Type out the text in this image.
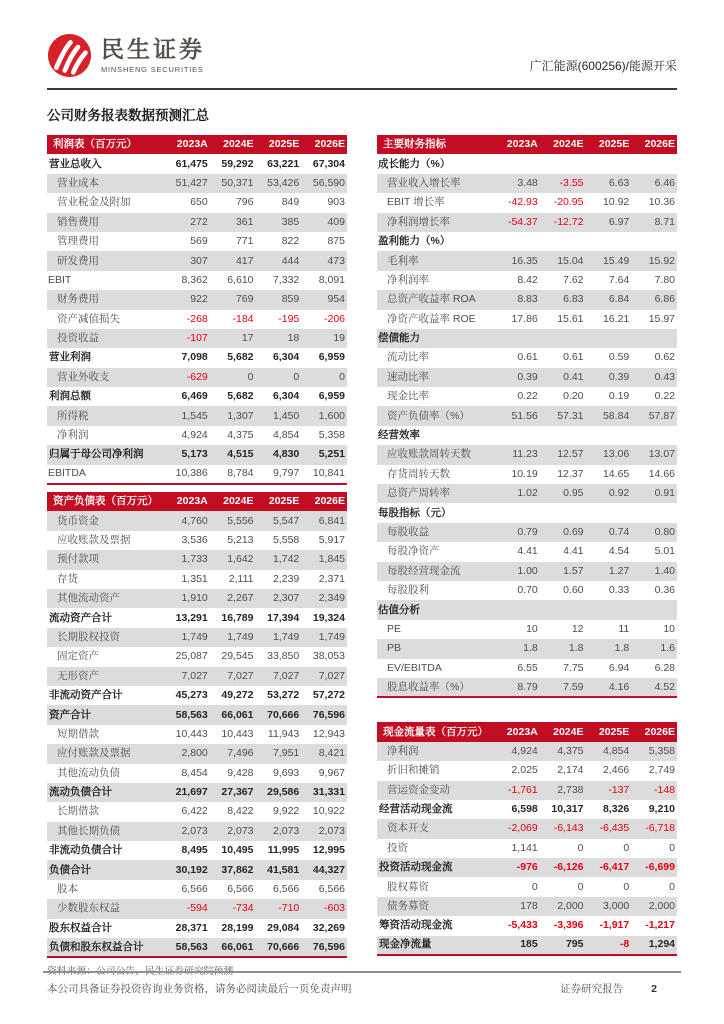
民生证券
MINSHENG SECURITIES	广汇能源(600256)/能源开采
公司财务报表数据预测汇总
利润表（百万元）	2023A	2024E	2025E	2026E
营业总收入	61,475	59,292	63,221	67,304
营业成本	51,427	50,371	53,426	56,590
营业税金及附加	650	796	849	903
销售费用	272	361	385	409
管理费用	569	771	822	875
研发费用	307	417	444	473
EBIT	8,362	6,610	7,332	8,091
财务费用	922	769	859	954
资产减值损失	-268	-184	-195	-206
投资收益	-107	17	18	19
营业利润	7,098	5,682	6,304	6,959
营业外收支	-629	0	0	0
利润总额	6,469	5,682	6,304	6,959
所得税	1,545	1,307	1,450	1,600
净利润	4,924	4,375	4,854	5,358
归属于母公司净利润	5,173	4,515	4,830	5,251
EBITDA	10,386	8,784	9,797	10,841
资产负债表（百万元）	2023A	2024E	2025E	2026E
货币资金	4,760	5,556	5,547	6,841
应收账款及票据	3,536	5,213	5,558	5,917
预付款项	1,733	1,642	1,742	1,845
存货	1,351	2,111	2,239	2,371
其他流动资产	1,910	2,267	2,307	2,349
流动资产合计	13,291	16,789	17,394	19,324
长期股权投资	1,749	1,749	1,749	1,749
固定资产	25,087	29,545	33,850	38,053
无形资产	7,027	7,027	7,027	7,027
非流动资产合计	45,273	49,272	53,272	57,272
资产合计	58,563	66,061	70,666	76,596
短期借款	10,443	10,443	11,943	12,943
应付账款及票据	2,800	7,496	7,951	8,421
其他流动负债	8,454	9,428	9,693	9,967
流动负债合计	21,697	27,367	29,586	31,331
长期借款	6,422	8,422	9,922	10,922
其他长期负债	2,073	2,073	2,073	2,073
非流动负债合计	8,495	10,495	11,995	12,995
负债合计	30,192	37,862	41,581	44,327
股本	6,566	6,566	6,566	6,566
少数股东权益	-594	-734	-710	-603
股东权益合计	28,371	28,199	29,084	32,269
负债和股东权益合计	58,563	66,061	70,666	76,596
资料来源：公司公告、民生证券研究院预测
主要财务指标	2023A	2024E	2025E	2026E
成长能力（%）				
营业收入增长率	3.48	-3.55	6.63	6.46
EBIT 增长率	-42.93	-20.95	10.92	10.36
净利润增长率	-54.37	-12.72	6.97	8.71
盈利能力（%）				
毛利率	16.35	15.04	15.49	15.92
净利润率	8.42	7.62	7.64	7.80
总资产收益率 ROA	8.83	6.83	6.84	6.86
净资产收益率 ROE	17.86	15.61	16.21	15.97
偿债能力				
流动比率	0.61	0.61	0.59	0.62
速动比率	0.39	0.41	0.39	0.43
现金比率	0.22	0.20	0.19	0.22
资产负债率（%）	51.56	57.31	58.84	57.87
经营效率				
应收账款周转天数	11.23	12.57	13.06	13.07
存货周转天数	10.19	12.37	14.65	14.66
总资产周转率	1.02	0.95	0.92	0.91
每股指标（元）				
每股收益	0.79	0.69	0.74	0.80
每股净资产	4.41	4.41	4.54	5.01
每股经营现金流	1.00	1.57	1.27	1.40
每股股利	0.70	0.60	0.33	0.36
估值分析				
PE	10	12	11	10
PB	1.8	1.8	1.8	1.6
EV/EBITDA	6.55	7.75	6.94	6.28
股息收益率（%）	8.79	7.59	4.16	4.52
现金流量表（百万元）	2023A	2024E	2025E	2026E
净利润	4,924	4,375	4,854	5,358
折旧和摊销	2,025	2,174	2,466	2,749
营运资金变动	-1,761	2,738	-137	-148
经营活动现金流	6,598	10,317	8,326	9,210
资本开支	-2,069	-6,143	-6,435	-6,718
投资	1,141	0	0	0
投资活动现金流	-976	-6,126	-6,417	-6,699
股权募资	0	0	0	0
债务募资	178	2,000	3,000	2,000
筹资活动现金流	-5,433	-3,396	-1,917	-1,217
现金净流量	185	795	-8	1,294
本公司具备证券投资咨询业务资格，请务必阅读最后一页免责声明	证券研究报告	2
